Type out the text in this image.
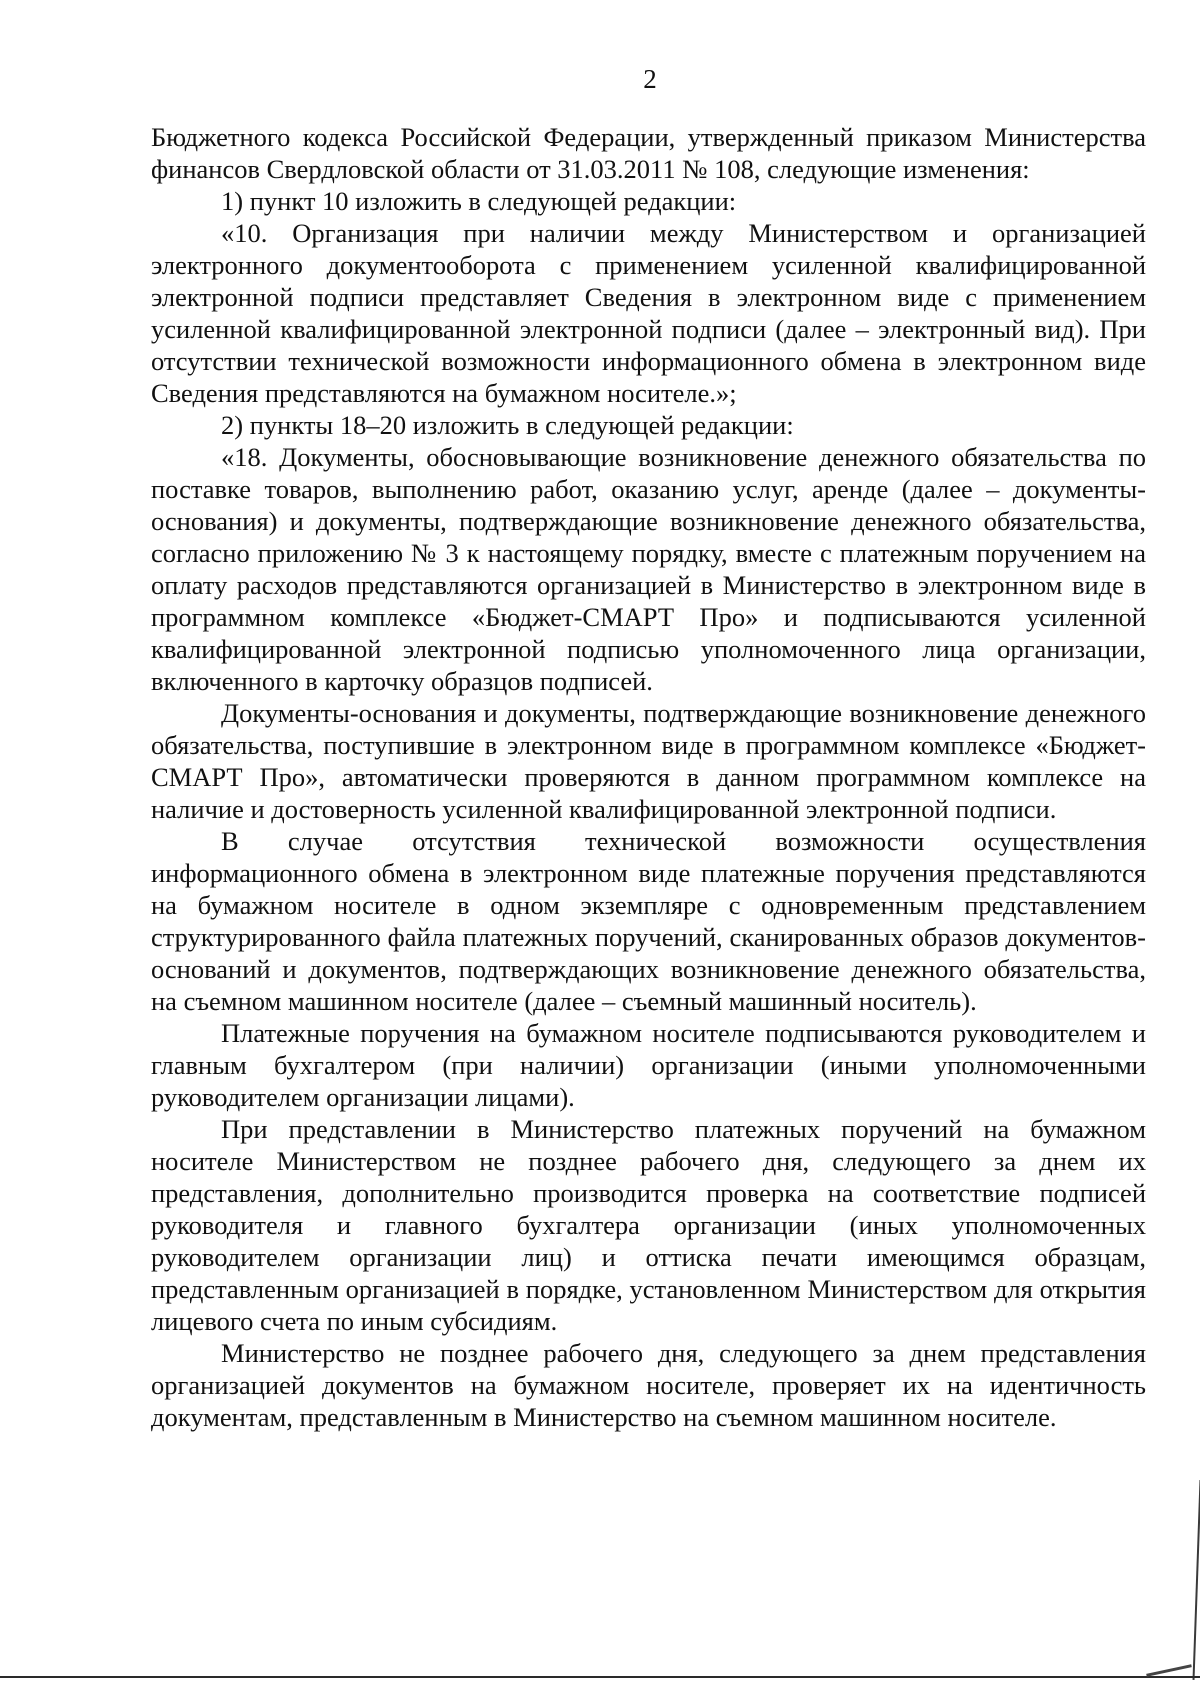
2

Бюджетного кодекса Российской Федерации, утвержденный приказом Министерства финансов Свердловской области от 31.03.2011 № 108, следующие изменения:

1) пункт 10 изложить в следующей редакции:

«10. Организация при наличии между Министерством и организацией электронного документооборота с применением усиленной квалифицированной электронной подписи представляет Сведения в электронном виде с применением усиленной квалифицированной электронной подписи (далее – электронный вид). При отсутствии технической возможности информационного обмена в электронном виде Сведения представляются на бумажном носителе.»;

2) пункты 18–20 изложить в следующей редакции:

«18. Документы, обосновывающие возникновение денежного обязательства по поставке товаров, выполнению работ, оказанию услуг, аренде (далее – документы-основания) и документы, подтверждающие возникновение денежного обязательства, согласно приложению № 3 к настоящему порядку, вместе с платежным поручением на оплату расходов представляются организацией в Министерство в электронном виде в программном комплексе «Бюджет-СМАРТ Про» и подписываются усиленной квалифицированной электронной подписью уполномоченного лица организации, включенного в карточку образцов подписей.

Документы-основания и документы, подтверждающие возникновение денежного обязательства, поступившие в электронном виде в программном комплексе «Бюджет-СМАРТ Про», автоматически проверяются в данном программном комплексе на наличие и достоверность усиленной квалифицированной электронной подписи.

В случае отсутствия технической возможности осуществления информационного обмена в электронном виде платежные поручения представляются на бумажном носителе в одном экземпляре с одновременным представлением структурированного файла платежных поручений, сканированных образов документов-оснований и документов, подтверждающих возникновение денежного обязательства, на съемном машинном носителе (далее – съемный машинный носитель).

Платежные поручения на бумажном носителе подписываются руководителем и главным бухгалтером (при наличии) организации (иными уполномоченными руководителем организации лицами).

При представлении в Министерство платежных поручений на бумажном носителе Министерством не позднее рабочего дня, следующего за днем их представления, дополнительно производится проверка на соответствие подписей руководителя и главного бухгалтера организации (иных уполномоченных руководителем организации лиц) и оттиска печати имеющимся образцам, представленным организацией в порядке, установленном Министерством для открытия лицевого счета по иным субсидиям.

Министерство не позднее рабочего дня, следующего за днем представления организацией документов на бумажном носителе, проверяет их на идентичность документам, представленным в Министерство на съемном машинном носителе.
